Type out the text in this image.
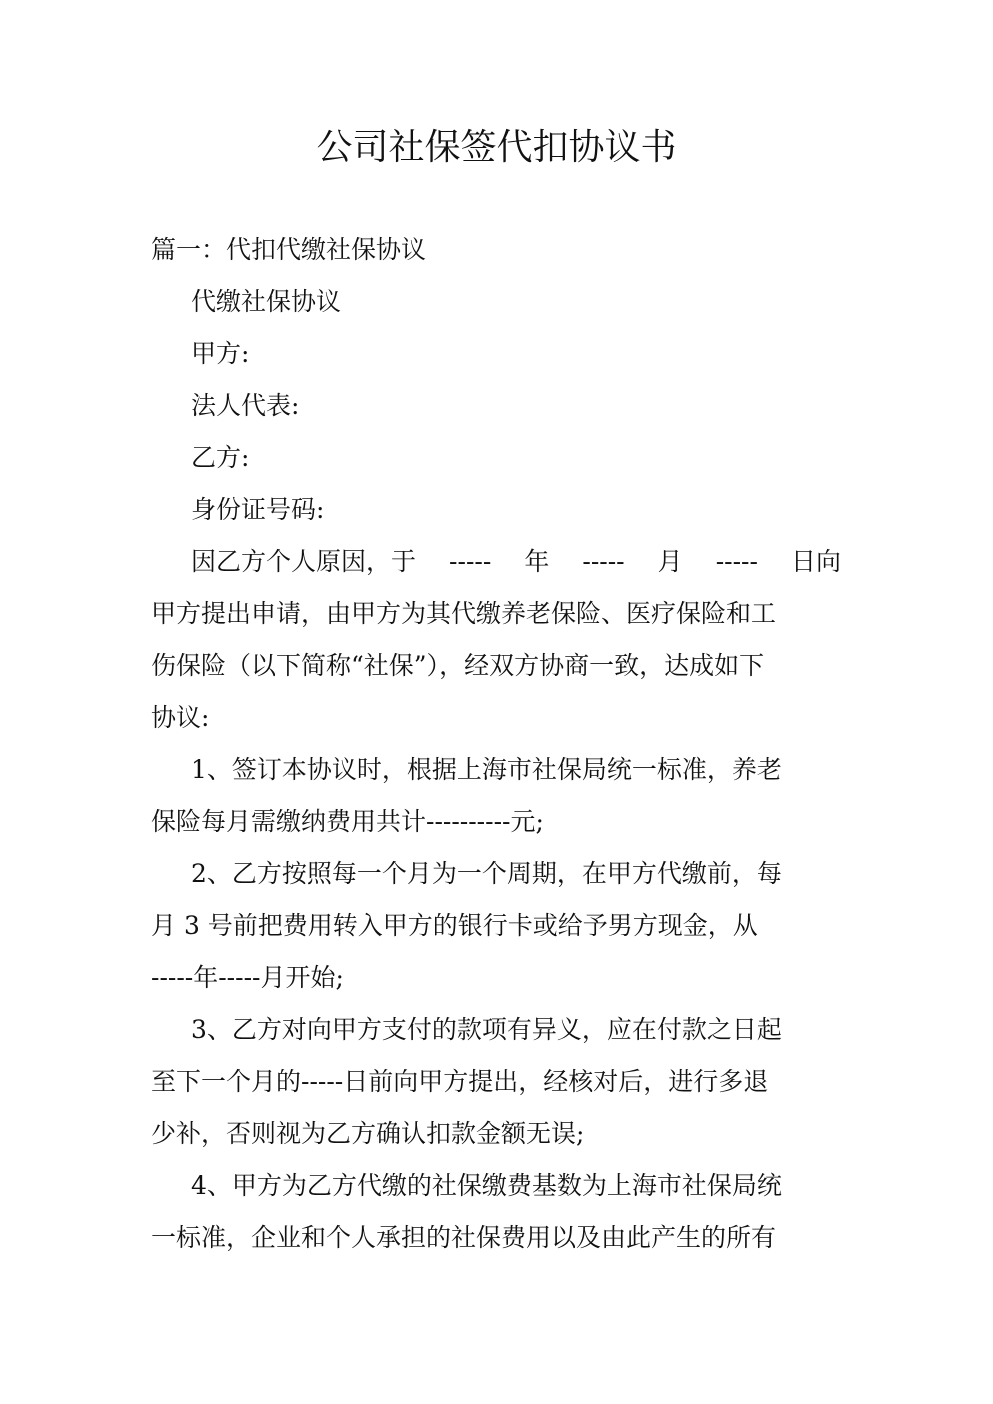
公司社保签代扣协议书
篇一：代扣代缴社保协议
代缴社保协议
甲方:
法人代表:
乙方:
身份证号码:
因乙方个人原因，于 ----- 年 ----- 月 ----- 日向
甲方提出申请，由甲方为其代缴养老保险、医疗保险和工
伤保险（以下简称“社保”），经双方协商一致，达成如下
协议:
1、签订本协议时，根据上海市社保局统一标准，养老
保险每月需缴纳费用共计----------元;
2、乙方按照每一个月为一个周期，在甲方代缴前，每
月 3 号前把费用转入甲方的银行卡或给予男方现金，从
-----年-----月开始;
3、乙方对向甲方支付的款项有异义，应在付款之日起
至下一个月的-----日前向甲方提出，经核对后，进行多退
少补，否则视为乙方确认扣款金额无误;
4、甲方为乙方代缴的社保缴费基数为上海市社保局统
一标准，企业和个人承担的社保费用以及由此产生的所有
